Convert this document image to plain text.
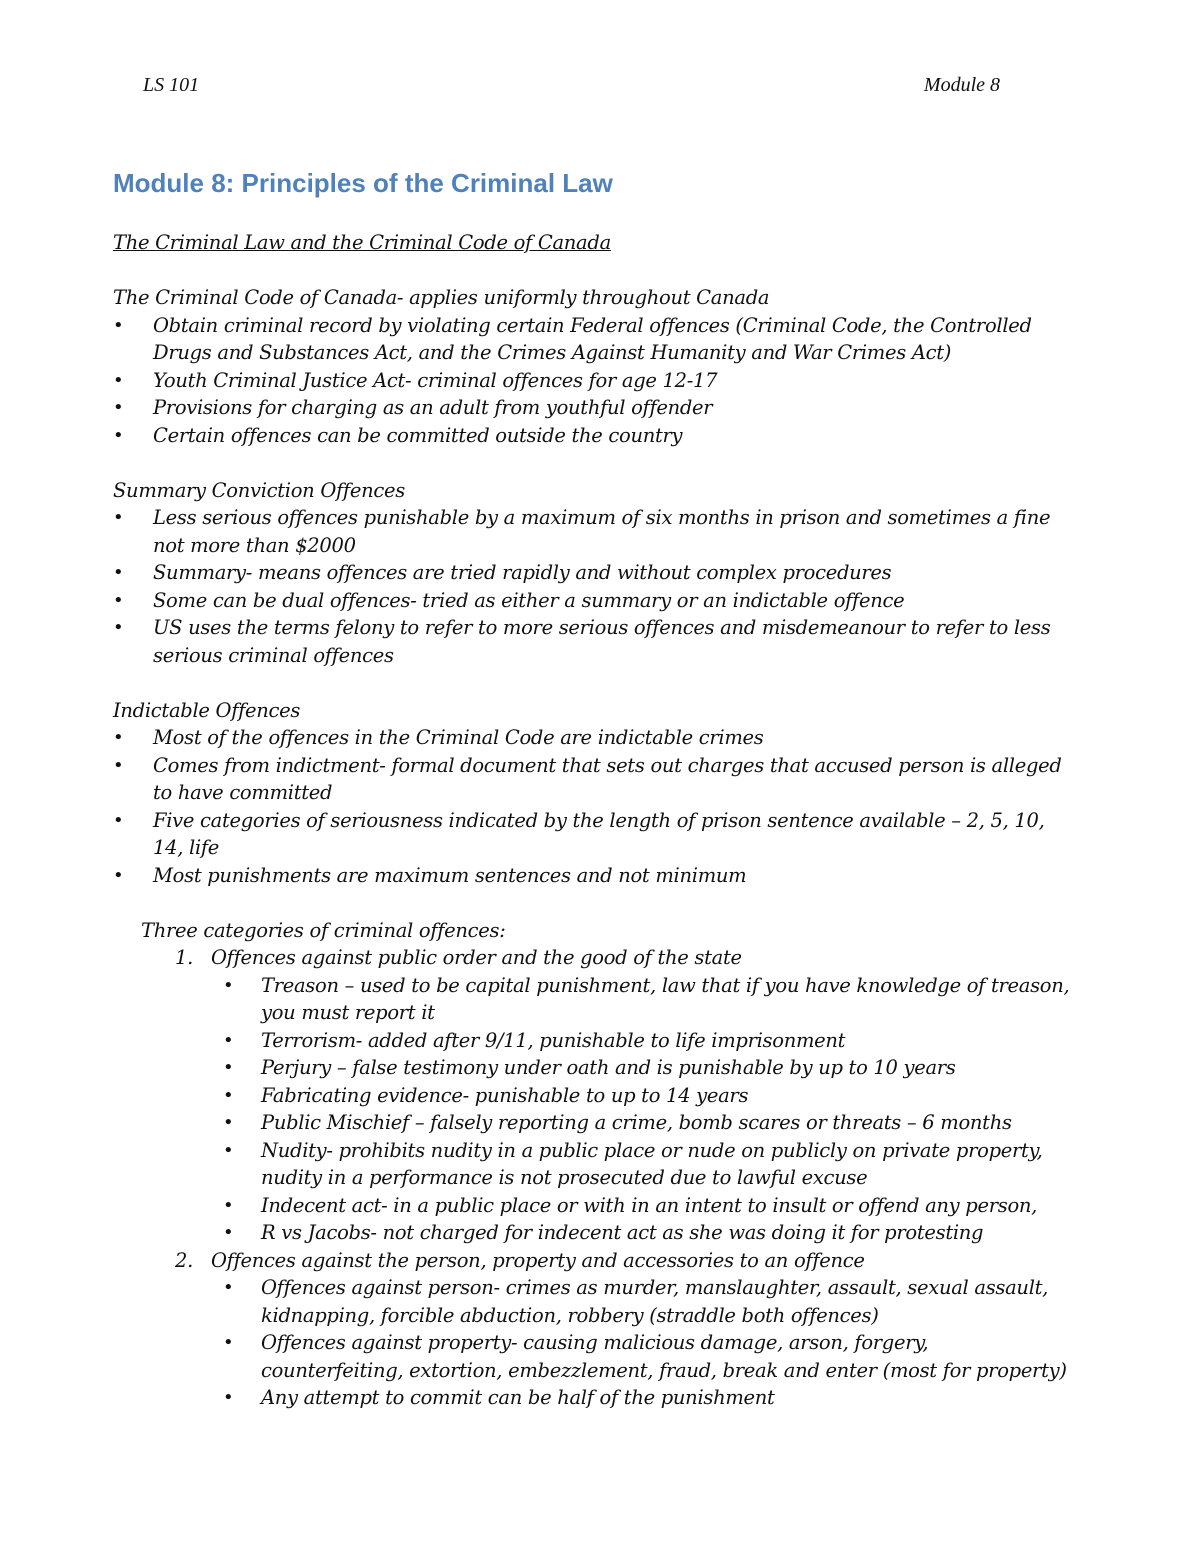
LS 101	Module 8
Module 8: Principles of the Criminal Law

The Criminal Law and the Criminal Code of Canada

The Criminal Code of Canada- applies uniformly throughout Canada

• Obtain criminal record by violating certain Federal offences (Criminal Code, the Controlled Drugs and Substances Act, and the Crimes Against Humanity and War Crimes Act)
• Youth Criminal Justice Act- criminal offences for age 12-17
• Provisions for charging as an adult from youthful offender
• Certain offences can be committed outside the country

Summary Conviction Offences

• Less serious offences punishable by a maximum of six months in prison and sometimes a fine not more than $2000
• Summary- means offences are tried rapidly and without complex procedures
• Some can be dual offences- tried as either a summary or an indictable offence
• US uses the terms felony to refer to more serious offences and misdemeanour to refer to less serious criminal offences

Indictable Offences

• Most of the offences in the Criminal Code are indictable crimes
• Comes from indictment- formal document that sets out charges that accused person is alleged to have committed
• Five categories of seriousness indicated by the length of prison sentence available – 2, 5, 10, 14, life
• Most punishments are maximum sentences and not minimum

Three categories of criminal offences:

1. Offences against public order and the good of the state
• Treason – used to be capital punishment, law that if you have knowledge of treason, you must report it
• Terrorism- added after 9/11, punishable to life imprisonment
• Perjury – false testimony under oath and is punishable by up to 10 years
• Fabricating evidence- punishable to up to 14 years
• Public Mischief – falsely reporting a crime, bomb scares or threats – 6 months
• Nudity- prohibits nudity in a public place or nude on publicly on private property, nudity in a performance is not prosecuted due to lawful excuse
• Indecent act- in a public place or with in an intent to insult or offend any person,
• R vs Jacobs- not charged for indecent act as she was doing it for protesting
2. Offences against the person, property and accessories to an offence
• Offences against person- crimes as murder, manslaughter, assault, sexual assault, kidnapping, forcible abduction, robbery (straddle both offences)
• Offences against property- causing malicious damage, arson, forgery, counterfeiting, extortion, embezzlement, fraud, break and enter (most for property)
• Any attempt to commit can be half of the punishment
